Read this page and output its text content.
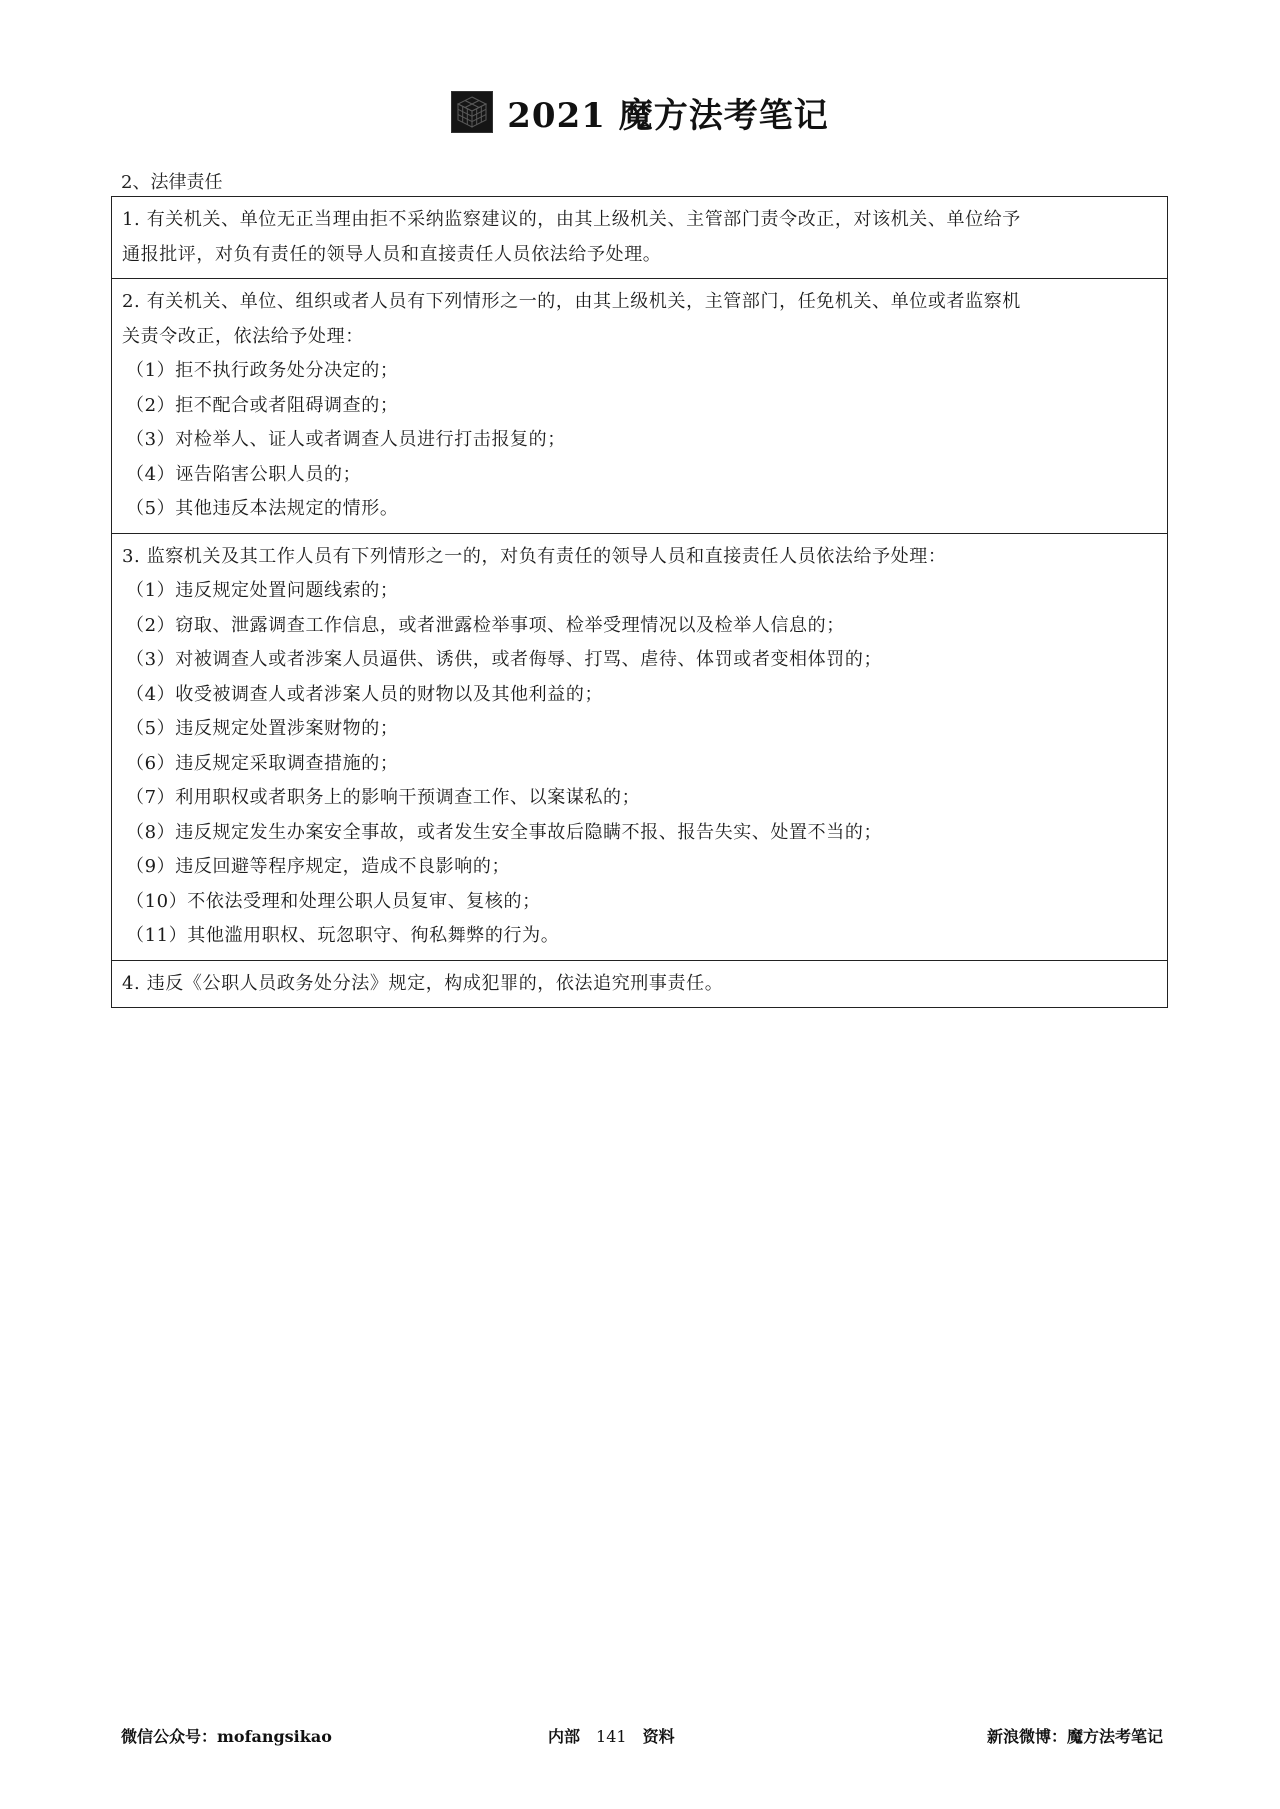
2021 魔方法考笔记
2、法律责任
1. 有关机关、单位无正当理由拒不采纳监察建议的，由其上级机关、主管部门责令改正，对该机关、单位给予
通报批评，对负有责任的领导人员和直接责任人员依法给予处理。
2. 有关机关、单位、组织或者人员有下列情形之一的，由其上级机关，主管部门，任免机关、单位或者监察机
关责令改正，依法给予处理：
（1）拒不执行政务处分决定的；
（2）拒不配合或者阻碍调查的；
（3）对检举人、证人或者调查人员进行打击报复的；
（4）诬告陷害公职人员的；
（5）其他违反本法规定的情形。
3. 监察机关及其工作人员有下列情形之一的，对负有责任的领导人员和直接责任人员依法给予处理：
（1）违反规定处置问题线索的；
（2）窃取、泄露调查工作信息，或者泄露检举事项、检举受理情况以及检举人信息的；
（3）对被调查人或者涉案人员逼供、诱供，或者侮辱、打骂、虐待、体罚或者变相体罚的；
（4）收受被调查人或者涉案人员的财物以及其他利益的；
（5）违反规定处置涉案财物的；
（6）违反规定采取调查措施的；
（7）利用职权或者职务上的影响干预调查工作、以案谋私的；
（8）违反规定发生办案安全事故，或者发生安全事故后隐瞒不报、报告失实、处置不当的；
（9）违反回避等程序规定，造成不良影响的；
（10）不依法受理和处理公职人员复审、复核的；
（11）其他滥用职权、玩忽职守、徇私舞弊的行为。
4. 违反《公职人员政务处分法》规定，构成犯罪的，依法追究刑事责任。
微信公众号：mofangsikao	内部 141 资料	新浪微博：魔方法考笔记
